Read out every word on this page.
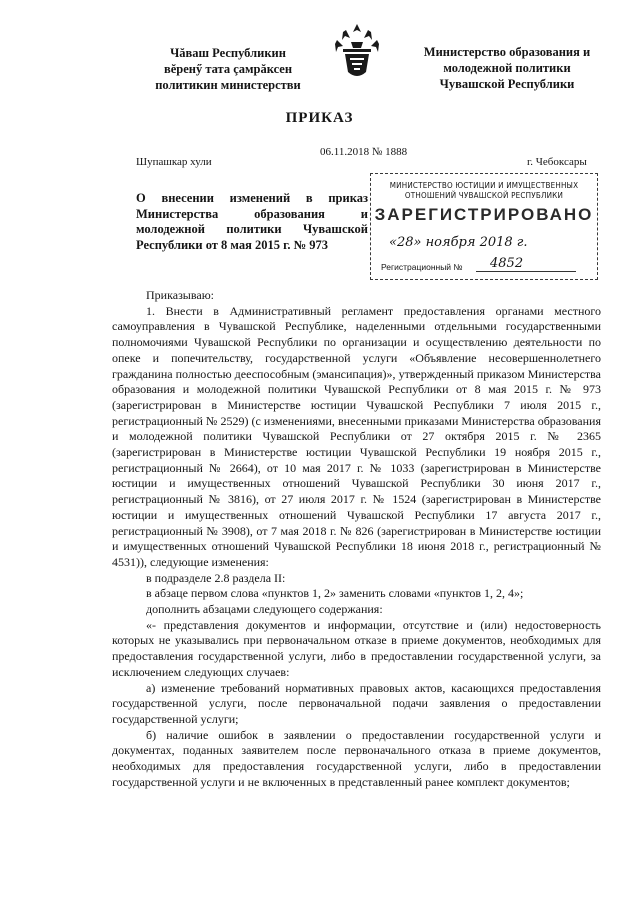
Чăваш Республикин
вĕренӳ тата çамрăксен
политикин министерстви
Министерство образования и
молодежной политики
Чувашской Республики
ПРИКАЗ
06.11.2018 № 1888
Шупашкар хули	г. Чебоксары
О внесении изменений в приказ Министерства образования и молодежной политики Чувашской Республики от 8 мая 2015 г. № 973
МИНИСТЕРСТВО ЮСТИЦИИ И ИМУЩЕСТВЕННЫХ
ОТНОШЕНИЙ ЧУВАШСКОЙ РЕСПУБЛИКИ
ЗАРЕГИСТРИРОВАНО
«28» ноября 2018 г.
Регистрационный №	4852

Приказываю:

1. Внести в Административный регламент предоставления органами местного самоуправления в Чувашской Республике, наделенными отдельными государственными полномочиями Чувашской Республики по организации и осуществлению деятельности по опеке и попечительству, государственной услуги «Объявление несовершеннолетнего гражданина полностью дееспособным (эмансипация)», утвержденный приказом Министерства образования и молодежной политики Чувашской Республики от 8 мая 2015 г. № 973 (зарегистрирован в Министерстве юстиции Чувашской Республики 7 июля 2015 г., регистрационный № 2529) (с изменениями, внесенными приказами Министерства образования и молодежной политики Чувашской Республики от 27 октября 2015 г. № 2365 (зарегистрирован в Министерстве юстиции Чувашской Республики 19 ноября 2015 г., регистрационный № 2664), от 10 мая 2017 г. № 1033 (зарегистрирован в Министерстве юстиции и имущественных отношений Чувашской Республики 30 июня 2017 г., регистрационный № 3816), от 27 июля 2017 г. № 1524 (зарегистрирован в Министерстве юстиции и имущественных отношений Чувашской Республики 17 августа 2017 г., регистрационный № 3908), от 7 мая 2018 г. № 826 (зарегистрирован в Министерстве юстиции и имущественных отношений Чувашской Республики 18 июня 2018 г., регистрационный № 4531)), следующие изменения:

в подразделе 2.8 раздела II:

в абзаце первом слова «пунктов 1, 2» заменить словами «пунктов 1, 2, 4»;

дополнить абзацами следующего содержания:

«- представления документов и информации, отсутствие и (или) недостоверность которых не указывались при первоначальном отказе в приеме документов, необходимых для предоставления государственной услуги, либо в предоставлении государственной услуги, за исключением следующих случаев:

а) изменение требований нормативных правовых актов, касающихся предоставления государственной услуги, после первоначальной подачи заявления о предоставлении государственной услуги;

б) наличие ошибок в заявлении о предоставлении государственной услуги и документах, поданных заявителем после первоначального отказа в приеме документов, необходимых для предоставления государственной услуги, либо в предоставлении государственной услуги и не включенных в представленный ранее комплект документов;
